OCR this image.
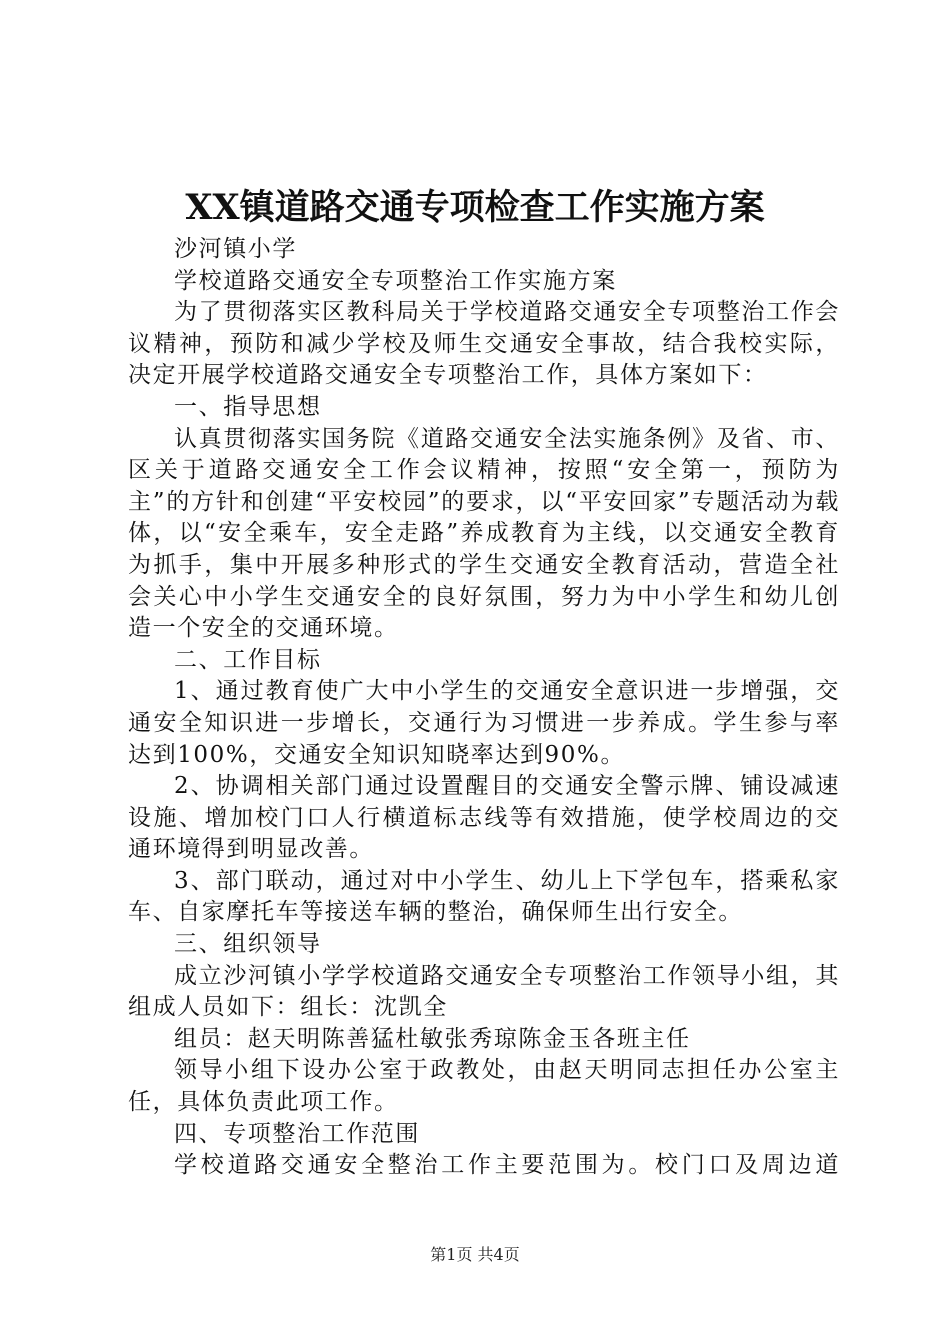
XX镇道路交通专项检查工作实施方案

沙河镇小学

学校道路交通安全专项整治工作实施方案

为了贯彻落实区教科局关于学校道路交通安全专项整治工作会议精神，预防和减少学校及师生交通安全事故，结合我校实际，决定开展学校道路交通安全专项整治工作，具体方案如下：

一、指导思想

认真贯彻落实国务院《道路交通安全法实施条例》及省、市、区关于道路交通安全工作会议精神，按照“安全第一，预防为主”的方针和创建“平安校园”的要求，以“平安回家”专题活动为载体，以“安全乘车，安全走路”养成教育为主线，以交通安全教育为抓手，集中开展多种形式的学生交通安全教育活动，营造全社会关心中小学生交通安全的良好氛围，努力为中小学生和幼儿创造一个安全的交通环境。

二、工作目标

1、通过教育使广大中小学生的交通安全意识进一步增强，交通安全知识进一步增长，交通行为习惯进一步养成。学生参与率达到100%，交通安全知识知晓率达到90%。

2、协调相关部门通过设置醒目的交通安全警示牌、铺设减速设施、增加校门口人行横道标志线等有效措施，使学校周边的交通环境得到明显改善。

3、部门联动，通过对中小学生、幼儿上下学包车，搭乘私家车、自家摩托车等接送车辆的整治，确保师生出行安全。

三、组织领导

成立沙河镇小学学校道路交通安全专项整治工作领导小组，其组成人员如下：组长：沈凯全

组员：赵天明陈善猛杜敏张秀琼陈金玉各班主任

领导小组下设办公室于政教处，由赵天明同志担任办公室主任，具体负责此项工作。

四、专项整治工作范围

学校道路交通安全整治工作主要范围为。校门口及周边道

第1页 共4页
